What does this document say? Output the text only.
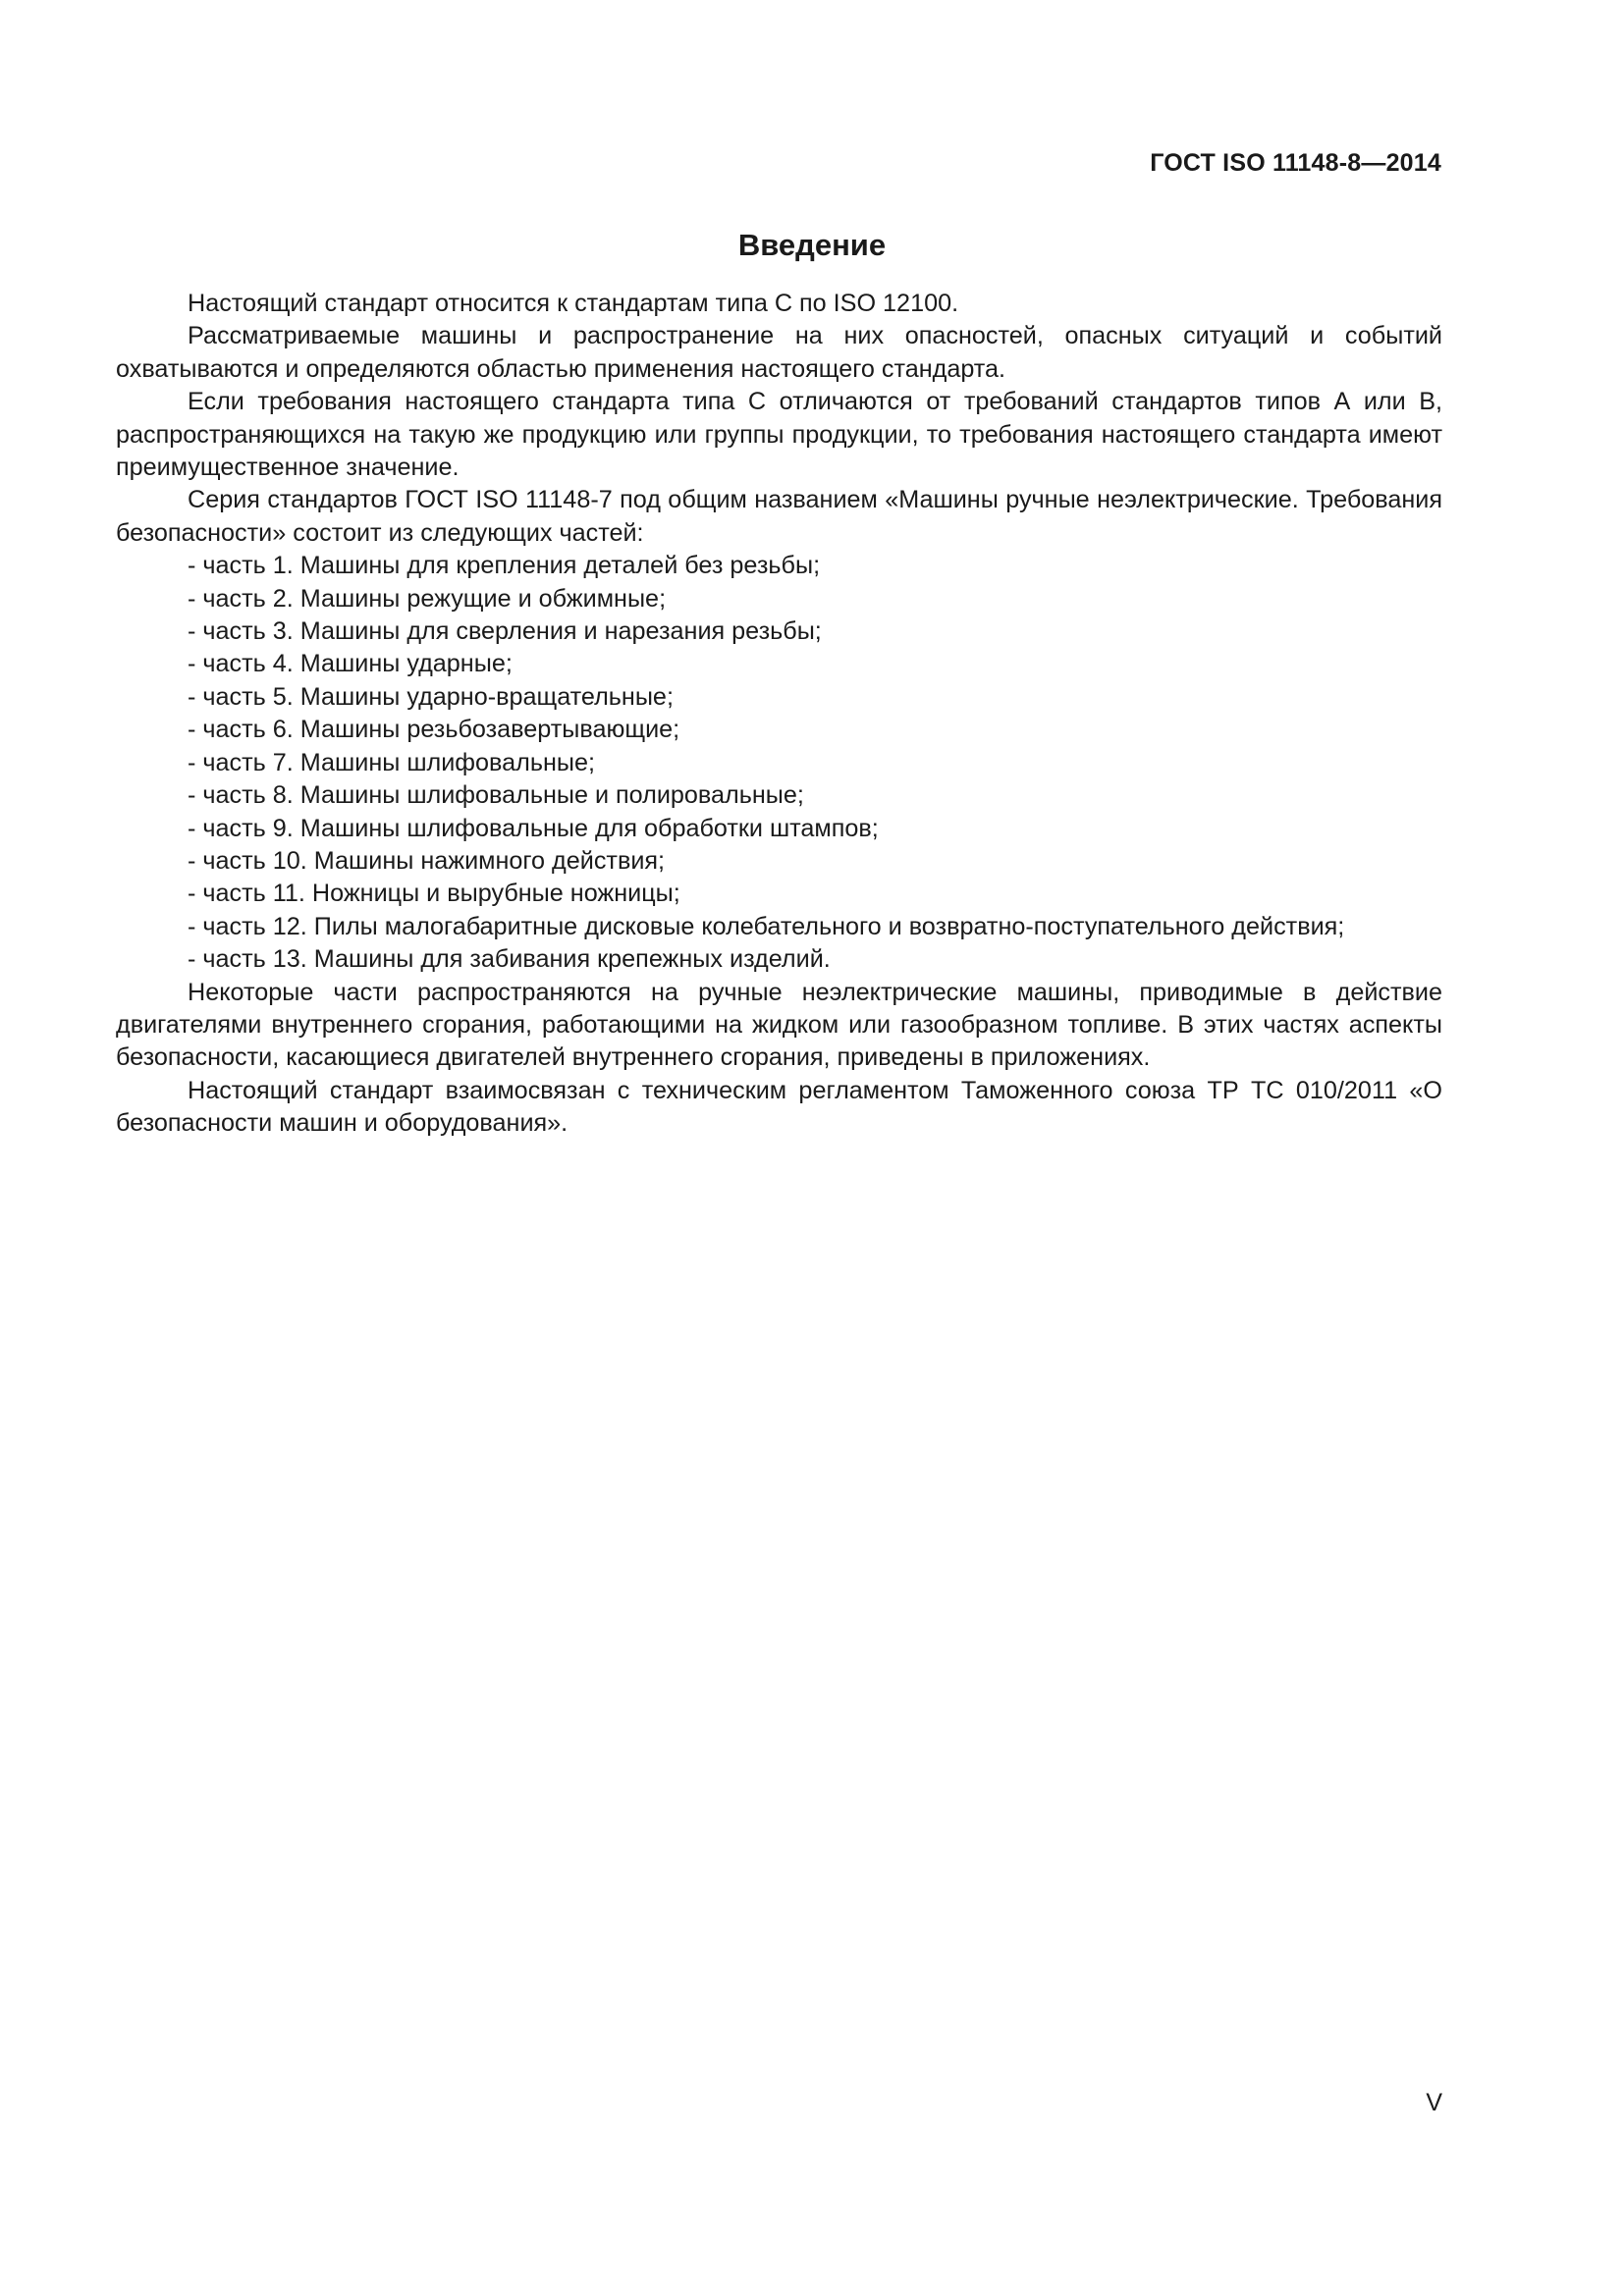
ГОСТ ISO 11148-8—2014
Введение

Настоящий стандарт относится к стандартам типа C по ISO 12100.

Рассматриваемые машины и распространение на них опасностей, опасных ситуаций и событий охватываются и определяются областью применения настоящего стандарта.

Если требования настоящего стандарта типа С отличаются от требований стандартов типов А или В, распространяющихся на такую же продукцию или группы продукции, то требования настоящего стандарта имеют преимущественное значение.

Серия стандартов ГОСТ ISO 11148-7 под общим названием «Машины ручные неэлектрические. Требования безопасности» состоит из следующих частей:

- часть 1. Машины для крепления деталей без резьбы;

- часть 2. Машины режущие и обжимные;

- часть 3. Машины для сверления и нарезания резьбы;

- часть 4. Машины ударные;

- часть 5. Машины ударно-вращательные;

- часть 6. Машины резьбозавертывающие;

- часть 7. Машины шлифовальные;

- часть 8. Машины шлифовальные и полировальные;

- часть 9. Машины шлифовальные для обработки штампов;

- часть 10. Машины нажимного действия;

- часть 11. Ножницы и вырубные ножницы;

- часть 12. Пилы малогабаритные дисковые колебательного и возвратно-поступательного действия;

- часть 13. Машины для забивания крепежных изделий.

Некоторые части распространяются на ручные неэлектрические машины, приводимые в действие двигателями внутреннего сгорания, работающими на жидком или газообразном топливе. В этих частях аспекты безопасности, касающиеся двигателей внутреннего сгорания, приведены в приложениях.

Настоящий стандарт взаимосвязан с техническим регламентом Таможенного союза ТР ТС 010/2011 «О безопасности машин и оборудования».

V
